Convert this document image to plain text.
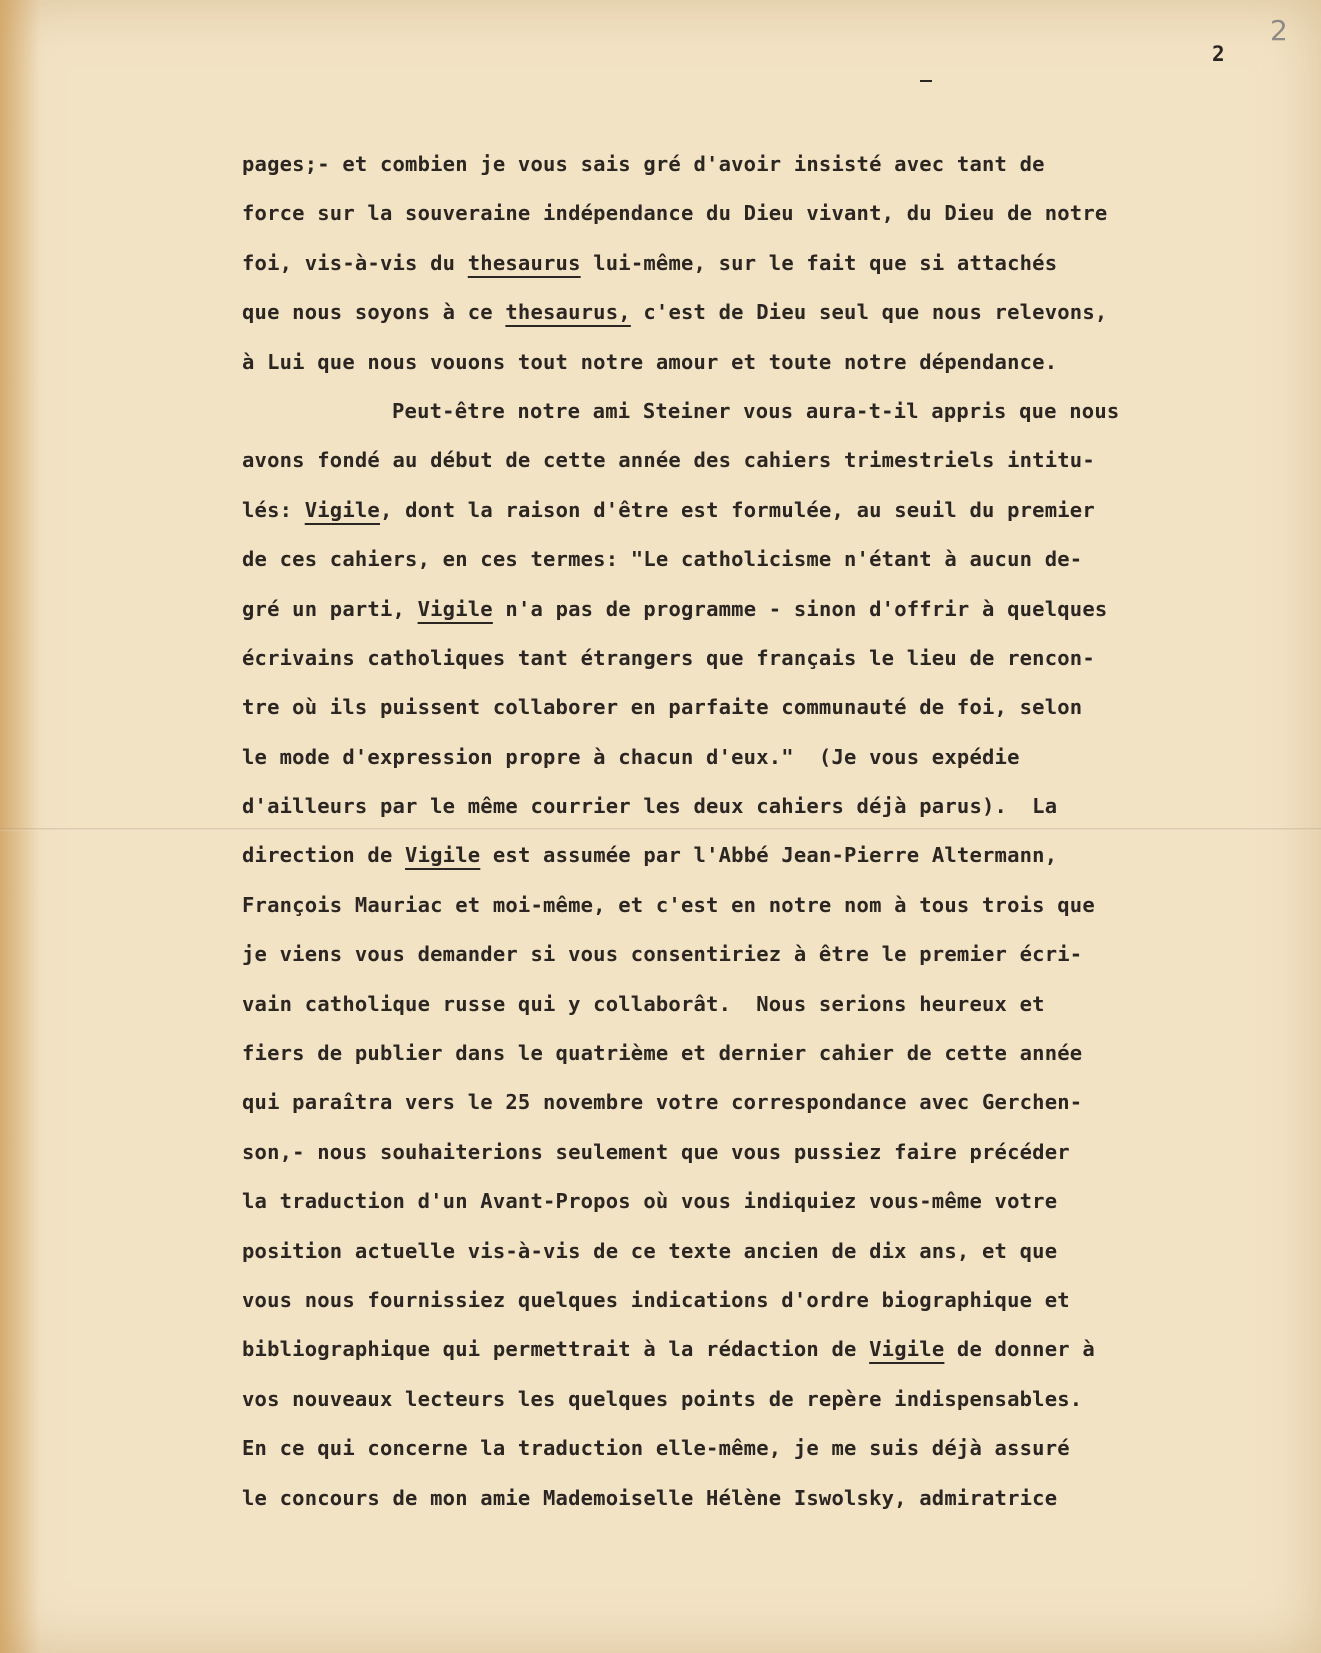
2
2
pages;- et combien je vous sais gré d'avoir insisté avec tant de
force sur la souveraine indépendance du Dieu vivant, du Dieu de notre
foi, vis-à-vis du thesaurus lui-même, sur le fait que si attachés
que nous soyons à ce thesaurus, c'est de Dieu seul que nous relevons,
à Lui que nous vouons tout notre amour et toute notre dépendance.
Peut-être notre ami Steiner vous aura-t-il appris que nous
avons fondé au début de cette année des cahiers trimestriels intitu-
lés: Vigile, dont la raison d'être est formulée, au seuil du premier
de ces cahiers, en ces termes: "Le catholicisme n'étant à aucun de-
gré un parti, Vigile n'a pas de programme - sinon d'offrir à quelques
écrivains catholiques tant étrangers que français le lieu de rencon-
tre où ils puissent collaborer en parfaite communauté de foi, selon
le mode d'expression propre à chacun d'eux."  (Je vous expédie
d'ailleurs par le même courrier les deux cahiers déjà parus).  La
direction de Vigile est assumée par l'Abbé Jean-Pierre Altermann,
François Mauriac et moi-même, et c'est en notre nom à tous trois que
je viens vous demander si vous consentiriez à être le premier écri-
vain catholique russe qui y collaborât.  Nous serions heureux et
fiers de publier dans le quatrième et dernier cahier de cette année
qui paraîtra vers le 25 novembre votre correspondance avec Gerchen-
son,- nous souhaiterions seulement que vous pussiez faire précéder
la traduction d'un Avant-Propos où vous indiquiez vous-même votre
position actuelle vis-à-vis de ce texte ancien de dix ans, et que
vous nous fournissiez quelques indications d'ordre biographique et
bibliographique qui permettrait à la rédaction de Vigile de donner à
vos nouveaux lecteurs les quelques points de repère indispensables.
En ce qui concerne la traduction elle-même, je me suis déjà assuré
le concours de mon amie Mademoiselle Hélène Iswolsky, admiratrice
